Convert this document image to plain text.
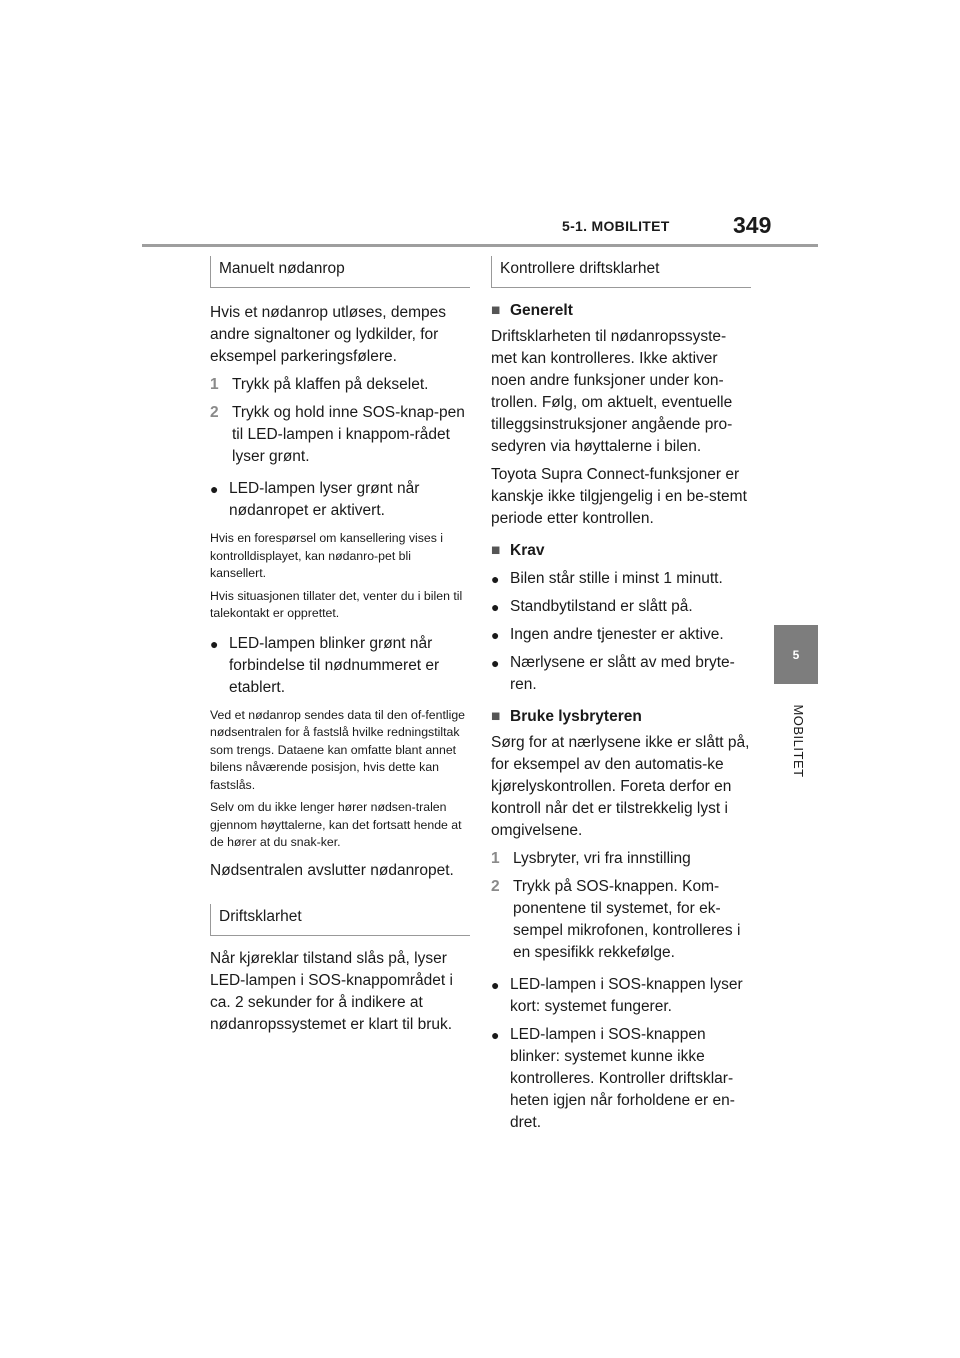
5-1. MOBILITET	349
5
MOBILITET
Manuelt nødanrop

Hvis et nødanrop utløses, dempes andre signaltoner og lydkilder, for eksempel parkeringsfølere.

1 Trykk på klaffen på dekselet.
2 Trykk og hold inne SOS-knap-pen til LED-lampen i knappom-rådet lyser grønt.
● LED-lampen lyser grønt når nødanropet er aktivert.

Hvis en forespørsel om kansellering vises i kontrolldisplayet, kan nødanro-pet bli kansellert.

Hvis situasjonen tillater det, venter du i bilen til talekontakt er opprettet.

● LED-lampen blinker grønt når forbindelse til nødnummeret er etablert.

Ved et nødanrop sendes data til den of-fentlige nødsentralen for å fastslå hvilke redningstiltak som trengs. Dataene kan omfatte blant annet bilens nåværende posisjon, hvis dette kan fastslås.

Selv om du ikke lenger hører nødsen-tralen gjennom høyttalerne, kan det fortsatt hende at de hører at du snak-ker.

Nødsentralen avslutter nødanropet.

Driftsklarhet

Når kjøreklar tilstand slås på, lyser LED-lampen i SOS-knappområdet i ca. 2 sekunder for å indikere at nødanropssystemet er klart til bruk.

Kontrollere driftsklarhet
■ Generelt

Driftsklarheten til nødanropssyste-met kan kontrolleres. Ikke aktiver noen andre funksjoner under kon-trollen. Følg, om aktuelt, eventuelle tilleggsinstruksjoner angående pro-sedyren via høyttalerne i bilen.

Toyota Supra Connect-funksjoner er kanskje ikke tilgjengelig i en be-stemt periode etter kontrollen.

■ Krav
● Bilen står stille i minst 1 minutt.
● Standbytilstand er slått på.
● Ingen andre tjenester er aktive.
● Nærlysene er slått av med bryte-ren.
■ Bruke lysbryteren

Sørg for at nærlysene ikke er slått på, for eksempel av den automatis-ke kjørelyskontrollen. Foreta derfor en kontroll når det er tilstrekkelig lyst i omgivelsene.

1 Lysbryter, vri fra innstilling
2 Trykk på SOS-knappen. Kom-ponentene til systemet, for ek-sempel mikrofonen, kontrolleres i en spesifikk rekkefølge.
● LED-lampen i SOS-knappen lyser kort: systemet fungerer.
● LED-lampen i SOS-knappen blinker: systemet kunne ikke kontrolleres. Kontroller driftsklar-heten igjen når forholdene er en-dret.
